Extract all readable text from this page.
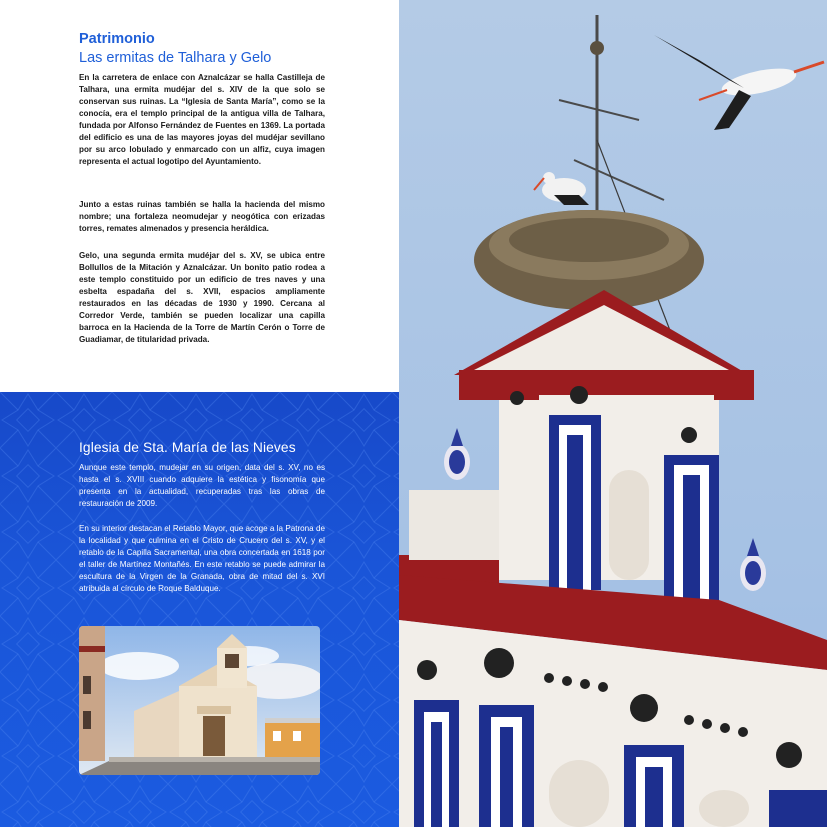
Patrimonio
Las ermitas de Talhara y Gelo

En la carretera de enlace con Aznalcázar se halla Castilleja de Talhara, una ermita mudéjar del s. XIV de la que solo se conservan sus ruinas. La “Iglesia de Santa María”, como se la conocía, era el templo principal de la antigua villa de Talhara, fundada por Alfonso Fernández de Fuentes en 1369. La portada del edificio es una de las mayores joyas del mudéjar sevillano por su arco lobulado y enmarcado con un alfiz, cuya imagen representa el actual logotipo del Ayuntamiento.

Junto a estas ruinas también se halla la hacienda del mismo nombre; una fortaleza neomudejar y neogótica con erizadas torres, remates almenados y presencia heráldica.

Gelo, una segunda ermita mudéjar del s. XV, se ubica entre Bollullos de la Mitación y Aznalcázar. Un bonito patio rodea a este templo constituido por un edificio de tres naves y una esbelta espadaña del s. XVII, espacios ampliamente restaurados en las décadas de 1930 y 1990. Cercana al Corredor Verde, también se pueden localizar una capilla barroca en la Hacienda de la Torre de Martín Cerón o Torre de Guadiamar, de titularidad privada.

Iglesia de Sta. María de las Nieves

Aunque este templo, mudejar en su origen, data del s. XV, no es hasta el s. XVIII cuando adquiere la estética y fisonomía que presenta en la actualidad, recuperadas tras las obras de restauración de 2009.

En su interior destacan el Retablo Mayor, que acoge a la Patrona de la localidad y que culmina en el Cristo de Crucero del s. XV, y el retablo de la Capilla Sacramental, una obra concertada en 1618 por el taller de Martínez Montañés. En este retablo se puede admirar la escultura de la Virgen de la Granada, obra de mitad del s. XVI atribuida al círculo de Roque Balduque.
